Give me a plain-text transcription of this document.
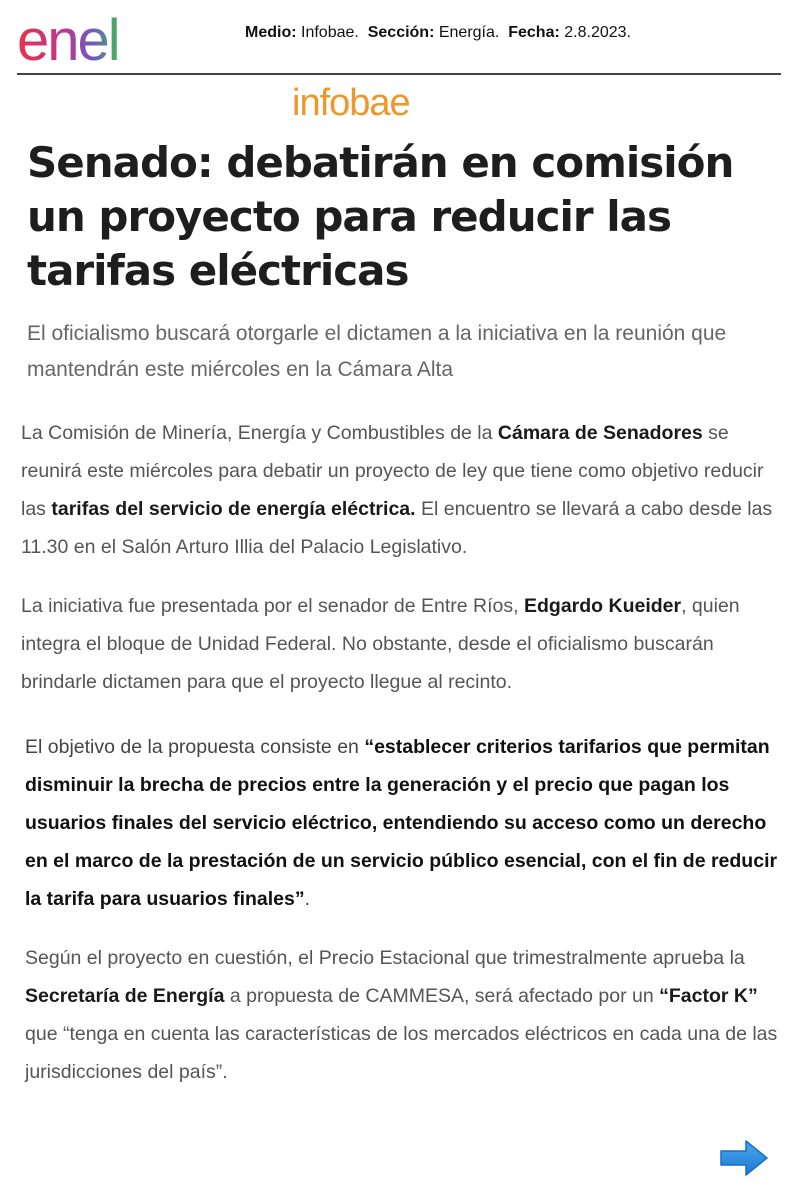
enel	Medio: Infobae. Sección: Energía. Fecha: 2.8.2023.
infobae
Senado: debatirán en comisión un proyecto para reducir las tarifas eléctricas

El oficialismo buscará otorgarle el dictamen a la iniciativa en la reunión que mantendrán este miércoles en la Cámara Alta

La Comisión de Minería, Energía y Combustibles de la Cámara de Senadores se reunirá este miércoles para debatir un proyecto de ley que tiene como objetivo reducir las tarifas del servicio de energía eléctrica. El encuentro se llevará a cabo desde las 11.30 en el Salón Arturo Illia del Palacio Legislativo.

La iniciativa fue presentada por el senador de Entre Ríos, Edgardo Kueider, quien integra el bloque de Unidad Federal. No obstante, desde el oficialismo buscarán brindarle dictamen para que el proyecto llegue al recinto.

El objetivo de la propuesta consiste en “establecer criterios tarifarios que permitan disminuir la brecha de precios entre la generación y el precio que pagan los usuarios finales del servicio eléctrico, entendiendo su acceso como un derecho en el marco de la prestación de un servicio público esencial, con el fin de reducir la tarifa para usuarios finales”.

Según el proyecto en cuestión, el Precio Estacional que trimestralmente aprueba la Secretaría de Energía a propuesta de CAMMESA, será afectado por un “Factor K” que “tenga en cuenta las características de los mercados eléctricos en cada una de las jurisdicciones del país”.
